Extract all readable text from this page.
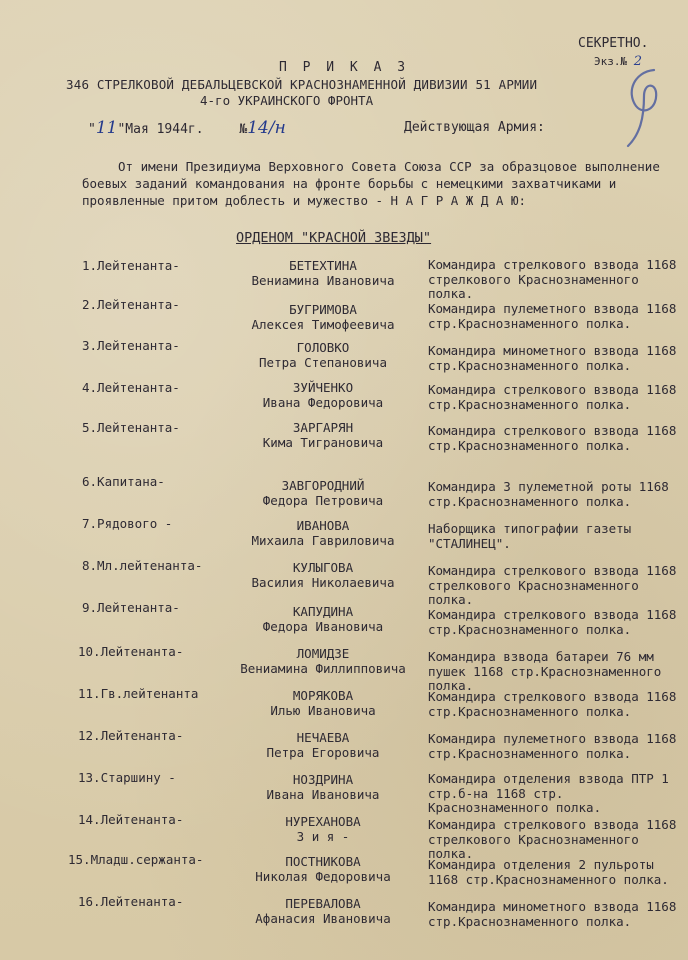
СЕКРЕТНО.
Экз.№ 2
П Р И К А З
346 СТРЕЛКОВОЙ ДЕБАЛЬЦЕВСКОЙ КРАСНОЗНАМЕННОЙ ДИВИЗИИ 51 АРМИИ
4-го УКРАИНСКОГО ФРОНТА
"11"Мая 1944г.	№14/н	Действующая Армия:
От имени Президиума Верховного Совета Союза ССР за образцовое выполнение боевых заданий командования на фронте борьбы с немецкими захватчиками и проявленные притом доблесть и мужество - Н А Г Р А Ж Д А Ю:
ОРДЕНОМ "КРАСНОЙ ЗВЕЗДЫ"
1.Лейтенанта-	БЕТЕХТИНА
Вениамина Ивановича
Командира стрелкового взвода 1168 стрелкового Краснознаменного полка.
2.Лейтенанта-	БУГРИМОВА
Алексея Тимофеевича
Командира пулеметного взвода 1168 стр.Краснознаменного полка.
3.Лейтенанта-	ГОЛОВКО
Петра Степановича
Командира минометного взвода 1168 стр.Краснознаменного полка.
4.Лейтенанта-	ЗУЙЧЕНКО
Ивана Федоровича
Командира стрелкового взвода 1168 стр.Краснознаменного полка.
5.Лейтенанта-	ЗАРГАРЯН
Кима Тиграновича
Командира стрелкового взвода 1168 стр.Краснознаменного полка.
6.Капитана-	ЗАВГОРОДНИЙ
Федора Петровича
Командира 3 пулеметной роты 1168 стр.Краснознаменного полка.
7.Рядового -	ИВАНОВА
Михаила Гавриловича
Наборщика типографии газеты "СТАЛИНЕЦ".
8.Мл.лейтенанта-	КУЛЫГОВА
Василия Николаевича
Командира стрелкового взвода 1168 стрелкового Краснознаменного полка.
9.Лейтенанта-	КАПУДИНА
Федора Ивановича
Командира стрелкового взвода 1168 стр.Краснознаменного полка.
10.Лейтенанта-	ЛОМИДЗЕ
Вениамина Филлипповича
Командира взвода батареи 76 мм пушек 1168 стр.Краснознаменного полка.
11.Гв.лейтенанта	МОРЯКОВА
Илью Ивановича
Командира стрелкового взвода 1168 стр.Краснознаменного полка.
12.Лейтенанта-	НЕЧАЕВА
Петра Егоровича
Командира пулеметного взвода 1168 стр.Краснознаменного полка.
13.Старшину -	НОЗДРИНА
Ивана Ивановича
Командира отделения взвода ПТР 1 стр.б-на 1168 стр. Краснознаменного полка.
14.Лейтенанта-	НУРЕХАНОВА
З и я -
Командира стрелкового взвода 1168 стрелкового Краснознаменного полка.
15.Младш.сержанта-	ПОСТНИКОВА
Николая Федоровича
Командира отделения 2 пульроты 1168 стр.Краснознаменного полка.
16.Лейтенанта-	ПЕРЕВАЛОВА
Афанасия Ивановича
Командира минометного взвода 1168 стр.Краснознаменного полка.
